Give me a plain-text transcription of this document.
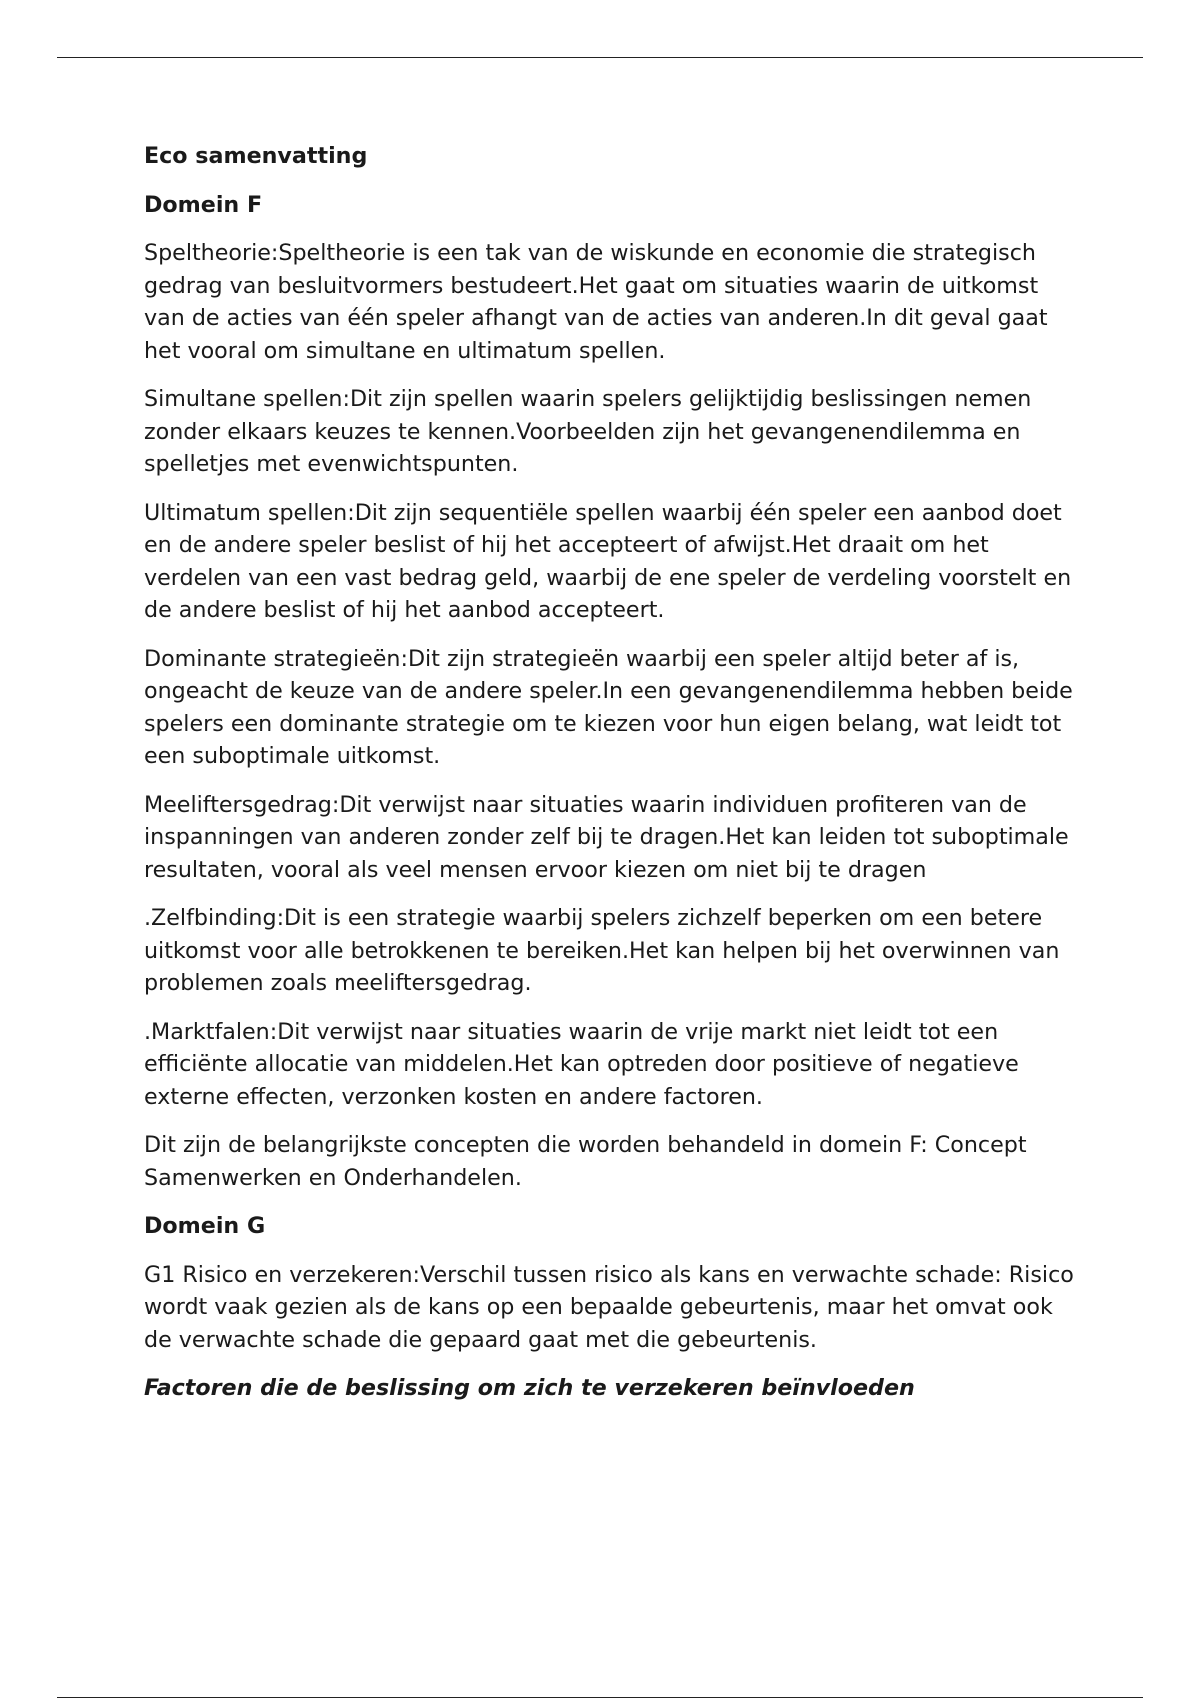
Eco samenvatting

Domein F

Speltheorie:Speltheorie is een tak van de wiskunde en economie die strategisch gedrag van besluitvormers bestudeert.Het gaat om situaties waarin de uitkomst van de acties van één speler afhangt van de acties van anderen.In dit geval gaat het vooral om simultane en ultimatum spellen.

Simultane spellen:Dit zijn spellen waarin spelers gelijktijdig beslissingen nemen zonder elkaars keuzes te kennen.Voorbeelden zijn het gevangenendilemma en spelletjes met evenwichtspunten.

Ultimatum spellen:Dit zijn sequentiële spellen waarbij één speler een aanbod doet en de andere speler beslist of hij het accepteert of afwijst.Het draait om het verdelen van een vast bedrag geld, waarbij de ene speler de verdeling voorstelt en de andere beslist of hij het aanbod accepteert.

Dominante strategieën:Dit zijn strategieën waarbij een speler altijd beter af is, ongeacht de keuze van de andere speler.In een gevangenendilemma hebben beide spelers een dominante strategie om te kiezen voor hun eigen belang, wat leidt tot een suboptimale uitkomst.

Meeliftersgedrag:Dit verwijst naar situaties waarin individuen profiteren van de inspanningen van anderen zonder zelf bij te dragen.Het kan leiden tot suboptimale resultaten, vooral als veel mensen ervoor kiezen om niet bij te dragen

.Zelfbinding:Dit is een strategie waarbij spelers zichzelf beperken om een betere uitkomst voor alle betrokkenen te bereiken.Het kan helpen bij het overwinnen van problemen zoals meeliftersgedrag.

.Marktfalen:Dit verwijst naar situaties waarin de vrije markt niet leidt tot een efficiënte allocatie van middelen.Het kan optreden door positieve of negatieve externe effecten, verzonken kosten en andere factoren.

Dit zijn de belangrijkste concepten die worden behandeld in domein F: Concept Samenwerken en Onderhandelen.

Domein G

G1 Risico en verzekeren:Verschil tussen risico als kans en verwachte schade: Risico wordt vaak gezien als de kans op een bepaalde gebeurtenis, maar het omvat ook de verwachte schade die gepaard gaat met die gebeurtenis.

Factoren die de beslissing om zich te verzekeren beïnvloeden
